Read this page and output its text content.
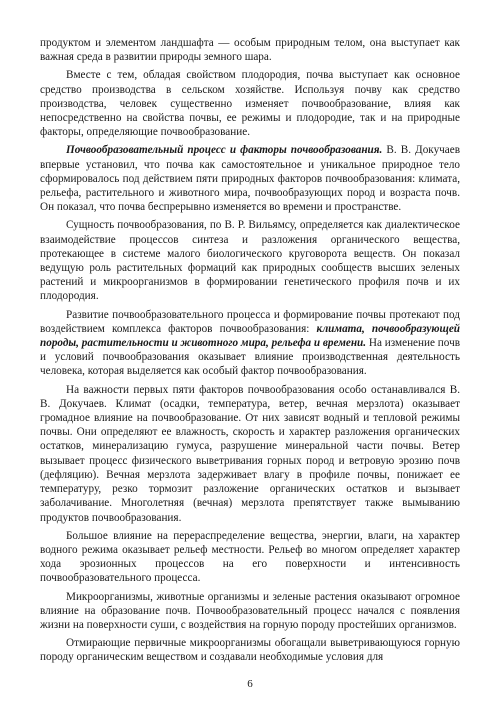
продуктом и элементом ландшафта — особым природным телом, она выступает как важная среда в развитии природы земного шара.

Вместе с тем, обладая свойством плодородия, почва выступает как основное средство производства в сельском хозяйстве. Используя почву как средство производства, человек существенно изменяет почвообразование, влияя как непосредственно на свойства почвы, ее режимы и плодородие, так и на природные факторы, определяющие почвообразование.

Почвообразовательный процесс и факторы почвообразования. В. В. Докучаев впервые установил, что почва как самостоятельное и уникальное природное тело сформировалось под действием пяти природных факторов почвообразования: климата, рельефа, растительного и животного мира, почвообразующих пород и возраста почв. Он показал, что почва беспрерывно изменяется во времени и пространстве.

Сущность почвообразования, по В. Р. Вильямсу, определяется как диалектическое взаимодействие процессов синтеза и разложения органического вещества, протекающее в системе малого биологического круговорота веществ. Он показал ведущую роль растительных формаций как природных сообществ высших зеленых растений и микроорганизмов в формировании генетического профиля почв и их плодородия.

Развитие почвообразовательного процесса и формирование почвы протекают под воздействием комплекса факторов почвообразования: климата, почвообразующей породы, растительности и животного мира, рельефа и времени. На изменение почв и условий почвообразования оказывает влияние производственная деятельность человека, которая выделяется как особый фактор почвообразования.

На важности первых пяти факторов почвообразования особо останавливался В. В. Докучаев. Климат (осадки, температура, ветер, вечная мерзлота) оказывает громадное влияние на почвообразование. От них зависят водный и тепловой режимы почвы. Они определяют ее влажность, скорость и характер разложения органических остатков, минерализацию гумуса, разрушение минеральной части почвы. Ветер вызывает процесс физического выветривания горных пород и ветровую эрозию почв (дефляцию). Вечная мерзлота задерживает влагу в профиле почвы, понижает ее температуру, резко тормозит разложение органических остатков и вызывает заболачивание. Многолетняя (вечная) мерзлота препятствует также вымыванию продуктов почвообразования.

Большое влияние на перераспределение вещества, энергии, влаги, на характер водного режима оказывает рельеф местности. Рельеф во многом определяет характер хода эрозионных процессов на его поверхности и интенсивность почвообразовательного процесса.

Микроорганизмы, животные организмы и зеленые растения оказывают огромное влияние на образование почв. Почвообразовательный процесс начался с появления жизни на поверхности суши, с воздействия на горную породу простейших организмов.

Отмирающие первичные микроорганизмы обогащали выветривающуюся горную породу органическим веществом и создавали необходимые условия для

6
